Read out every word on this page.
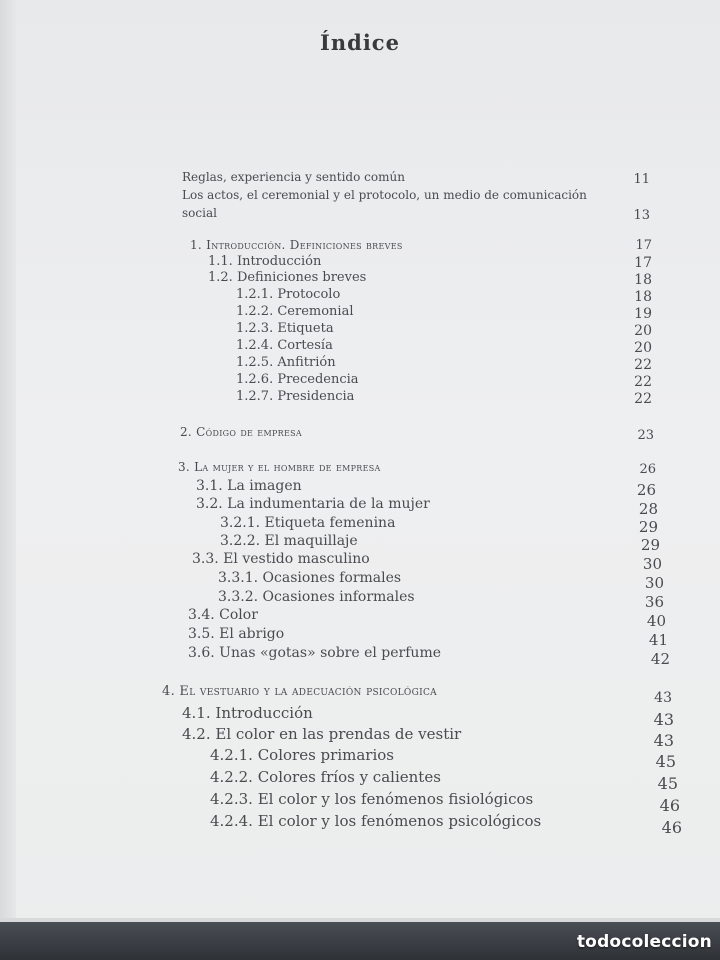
Índice
Reglas, experiencia y sentido común	11
Los actos, el ceremonial y el protocolo, un medio de comunicación
social	13
1. Introducción. Definiciones breves	17
1.1. Introducción	17
1.2. Definiciones breves	18
1.2.1. Protocolo	18
1.2.2. Ceremonial	19
1.2.3. Etiqueta	20
1.2.4. Cortesía	20
1.2.5. Anfitrión	22
1.2.6. Precedencia	22
1.2.7. Presidencia	22
2. Código de empresa	23
3. La mujer y el hombre de empresa	26
3.1. La imagen	26
3.2. La indumentaria de la mujer	28
3.2.1. Etiqueta femenina	29
3.2.2. El maquillaje	29
3.3. El vestido masculino	30
3.3.1. Ocasiones formales	30
3.3.2. Ocasiones informales	36
3.4. Color	40
3.5. El abrigo	41
3.6. Unas «gotas» sobre el perfume	42
4. El vestuario y la adecuación psicológica	43
4.1. Introducción	43
4.2. El color en las prendas de vestir	43
4.2.1. Colores primarios	45
4.2.2. Colores fríos y calientes	45
4.2.3. El color y los fenómenos fisiológicos	46
4.2.4. El color y los fenómenos psicológicos	46
todocoleccion
